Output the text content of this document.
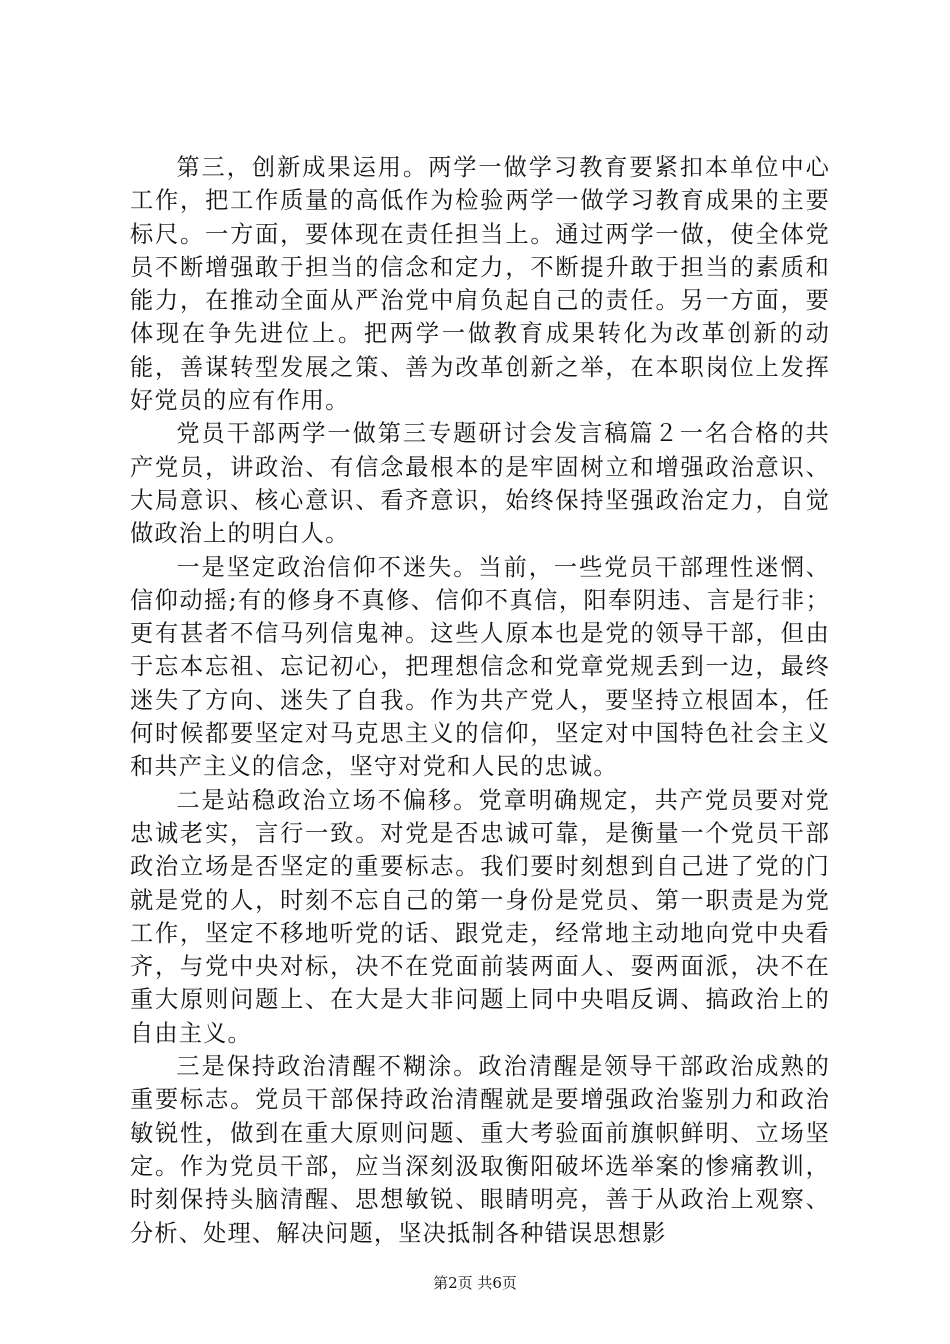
第三，创新成果运用。两学一做学习教育要紧扣本单位中心工作，把工作质量的高低作为检验两学一做学习教育成果的主要标尺。一方面，要体现在责任担当上。通过两学一做，使全体党员不断增强敢于担当的信念和定力，不断提升敢于担当的素质和能力，在推动全面从严治党中肩负起自己的责任。另一方面，要体现在争先进位上。把两学一做教育成果转化为改革创新的动能，善谋转型发展之策、善为改革创新之举，在本职岗位上发挥好党员的应有作用。

党员干部两学一做第三专题研讨会发言稿篇２一名合格的共产党员，讲政治、有信念最根本的是牢固树立和增强政治意识、大局意识、核心意识、看齐意识，始终保持坚强政治定力，自觉做政治上的明白人。

一是坚定政治信仰不迷失。当前，一些党员干部理性迷惘、信仰动摇;有的修身不真修、信仰不真信，阳奉阴违、言是行非；更有甚者不信马列信鬼神。这些人原本也是党的领导干部，但由于忘本忘祖、忘记初心，把理想信念和党章党规丢到一边，最终迷失了方向、迷失了自我。作为共产党人，要坚持立根固本，任何时候都要坚定对马克思主义的信仰，坚定对中国特色社会主义和共产主义的信念，坚守对党和人民的忠诚。

二是站稳政治立场不偏移。党章明确规定，共产党员要对党忠诚老实，言行一致。对党是否忠诚可靠，是衡量一个党员干部政治立场是否坚定的重要标志。我们要时刻想到自己进了党的门就是党的人，时刻不忘自己的第一身份是党员、第一职责是为党工作，坚定不移地听党的话、跟党走，经常地主动地向党中央看齐，与党中央对标，决不在党面前装两面人、耍两面派，决不在重大原则问题上、在大是大非问题上同中央唱反调、搞政治上的自由主义。

三是保持政治清醒不糊涂。政治清醒是领导干部政治成熟的重要标志。党员干部保持政治清醒就是要增强政治鉴别力和政治敏锐性，做到在重大原则问题、重大考验面前旗帜鲜明、立场坚定。作为党员干部，应当深刻汲取衡阳破坏选举案的惨痛教训，时刻保持头脑清醒、思想敏锐、眼睛明亮，善于从政治上观察、分析、处理、解决问题，坚决抵制各种错误思想影

第2页 共6页
